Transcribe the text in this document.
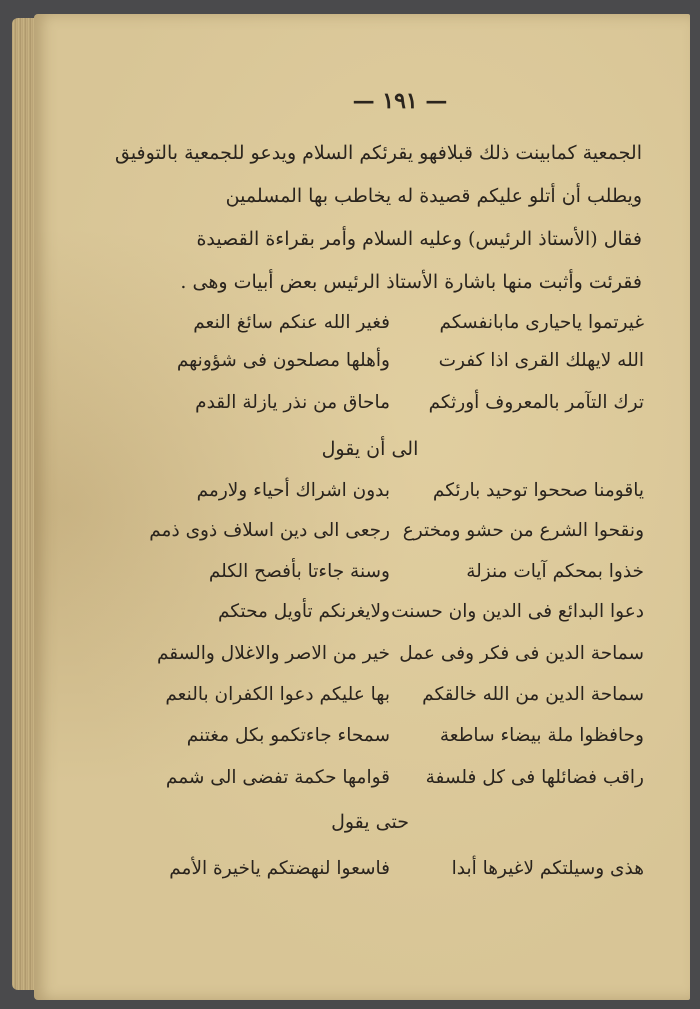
— ١٩١ —
الجمعية كمابينت ذلك قبلافهو يقرئكم السلام ويدعو للجمعية بالتوفيق
ويطلب أن أتلو عليكم قصيدة له يخاطب بها المسلمين
فقال (الأستاذ الرئيس) وعليه السلام وأمر بقراءة القصيدة
فقرئت وأثبت منها باشارة الأستاذ الرئيس بعض أبيات وهى .
غيرتموا ياحيارى مابانفسكم
فغير الله عنكم سائغ النعم
الله لايهلك القرى اذا كفرت
وأهلها مصلحون فى شؤونهم
ترك التآمر بالمعروف أورثكم
ماحاق من نذر يازلة القدم
الى أن يقول
ياقومنا صححوا توحيد بارئكم
بدون اشراك أحياء ولارمم
ونقحوا الشرع من حشو ومخترع
رجعى الى دين اسلاف ذوى ذمم
خذوا بمحكم آيات منزلة
وسنة جاءتا بأفصح الكلم
دعوا البدائع فى الدين وان حسنت
ولايغرنكم تأويل محتكم
سماحة الدين فى فكر وفى عمل
خير من الاصر والاغلال والسقم
سماحة الدين من الله خالقكم
بها عليكم دعوا الكفران بالنعم
وحافظوا ملة بيضاء ساطعة
سمحاء جاءتكمو بكل مغتنم
راقب فضائلها فى كل فلسفة
قوامها حكمة تفضى الى شمم
حتى يقول
هذى وسيلتكم لاغيرها أبدا
فاسعوا لنهضتكم ياخيرة الأمم
